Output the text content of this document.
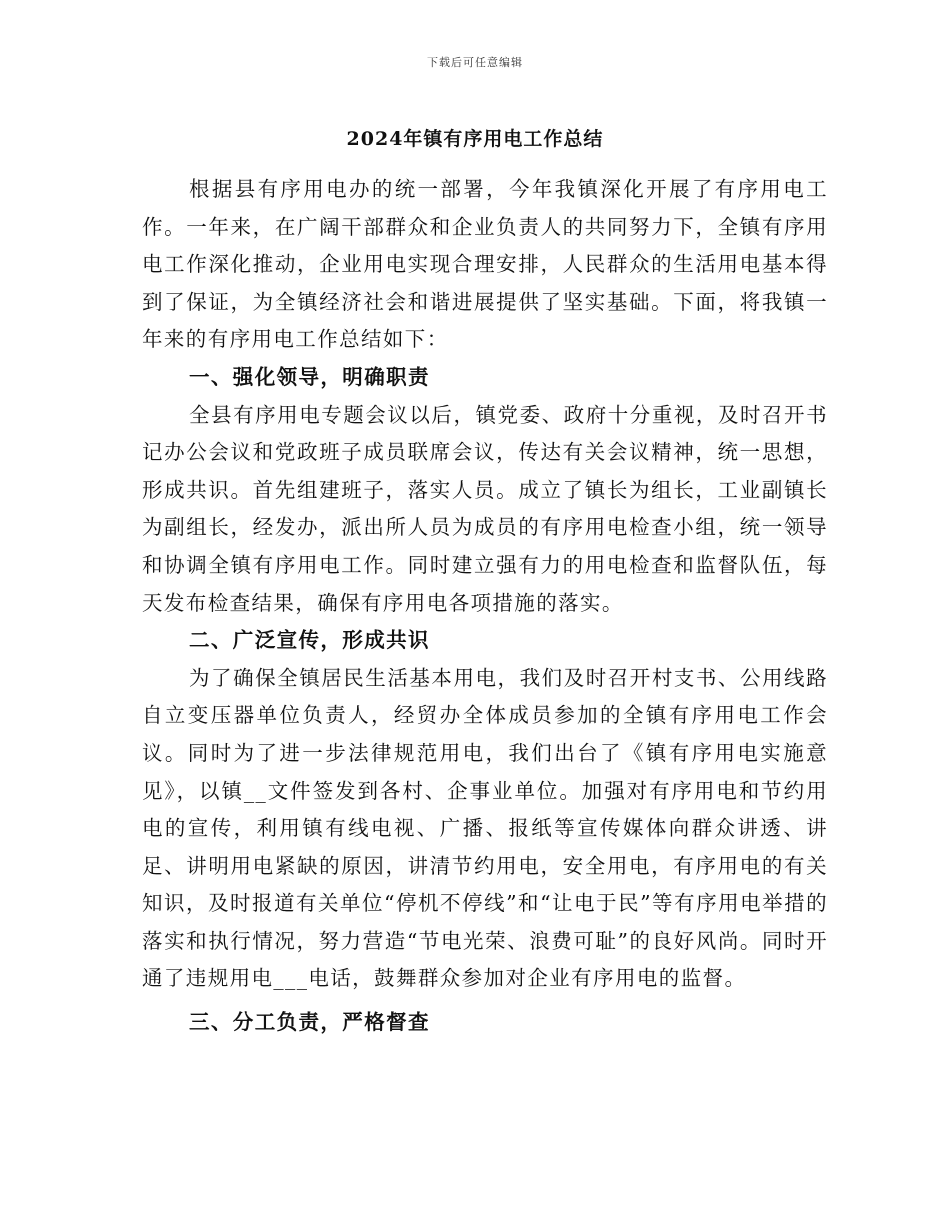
下载后可任意编辑
2024年镇有序用电工作总结

根据县有序用电办的统一部署，今年我镇深化开展了有序用电工作。一年来，在广阔干部群众和企业负责人的共同努力下，全镇有序用电工作深化推动，企业用电实现合理安排，人民群众的生活用电基本得到了保证，为全镇经济社会和谐进展提供了坚实基础。下面，将我镇一年来的有序用电工作总结如下：

一、强化领导，明确职责

全县有序用电专题会议以后，镇党委、政府十分重视，及时召开书记办公会议和党政班子成员联席会议，传达有关会议精神，统一思想，形成共识。首先组建班子，落实人员。成立了镇长为组长，工业副镇长为副组长，经发办，派出所人员为成员的有序用电检查小组，统一领导和协调全镇有序用电工作。同时建立强有力的用电检查和监督队伍，每天发布检查结果，确保有序用电各项措施的落实。

二、广泛宣传，形成共识

为了确保全镇居民生活基本用电，我们及时召开村支书、公用线路自立变压器单位负责人，经贸办全体成员参加的全镇有序用电工作会议。同时为了进一步法律规范用电，我们出台了《镇有序用电实施意见》，以镇__文件签发到各村、企事业单位。加强对有序用电和节约用电的宣传，利用镇有线电视、广播、报纸等宣传媒体向群众讲透、讲足、讲明用电紧缺的原因，讲清节约用电，安全用电，有序用电的有关知识，及时报道有关单位“停机不停线”和“让电于民”等有序用电举措的落实和执行情况，努力营造“节电光荣、浪费可耻”的良好风尚。同时开通了违规用电___电话，鼓舞群众参加对企业有序用电的监督。

三、分工负责，严格督查
